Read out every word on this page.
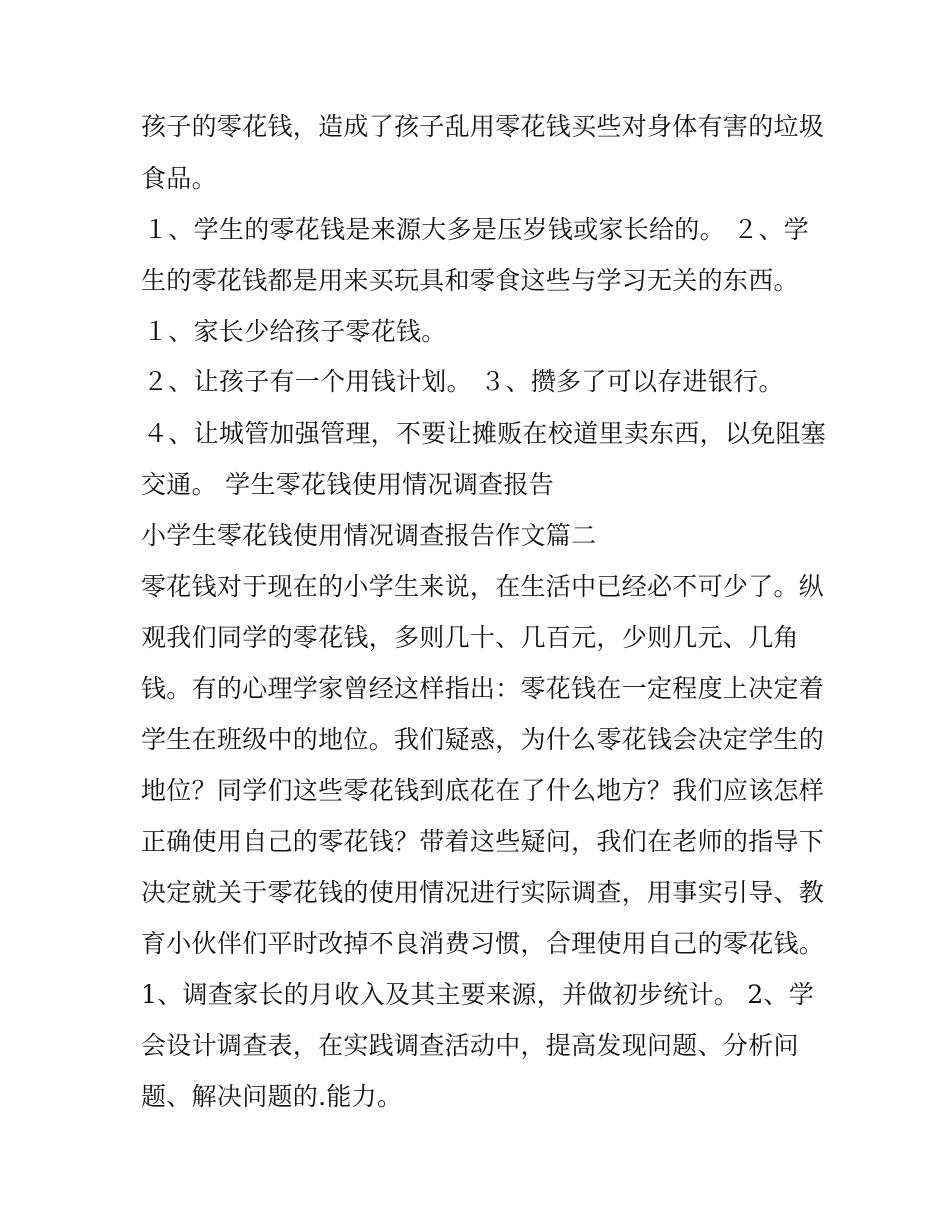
孩子的零花钱，造成了孩子乱用零花钱买些对身体有害的垃圾
食品。
１、学生的零花钱是来源大多是压岁钱或家长给的。 ２、学
生的零花钱都是用来买玩具和零食这些与学习无关的东西。
１、家长少给孩子零花钱。
２、让孩子有一个用钱计划。 ３、攒多了可以存进银行。
４、让城管加强管理，不要让摊贩在校道里卖东西，以免阻塞
交通。 学生零花钱使用情况调查报告
小学生零花钱使用情况调查报告作文篇二
零花钱对于现在的小学生来说，在生活中已经必不可少了。纵
观我们同学的零花钱，多则几十、几百元，少则几元、几角
钱。有的心理学家曾经这样指出：零花钱在一定程度上决定着
学生在班级中的地位。我们疑惑，为什么零花钱会决定学生的
地位？同学们这些零花钱到底花在了什么地方？我们应该怎样
正确使用自己的零花钱？带着这些疑问，我们在老师的指导下
决定就关于零花钱的使用情况进行实际调查，用事实引导、教
育小伙伴们平时改掉不良消费习惯，合理使用自己的零花钱。
1、调查家长的月收入及其主要来源，并做初步统计。 2、学
会设计调查表，在实践调查活动中，提高发现问题、分析问
题、解决问题的.能力。
